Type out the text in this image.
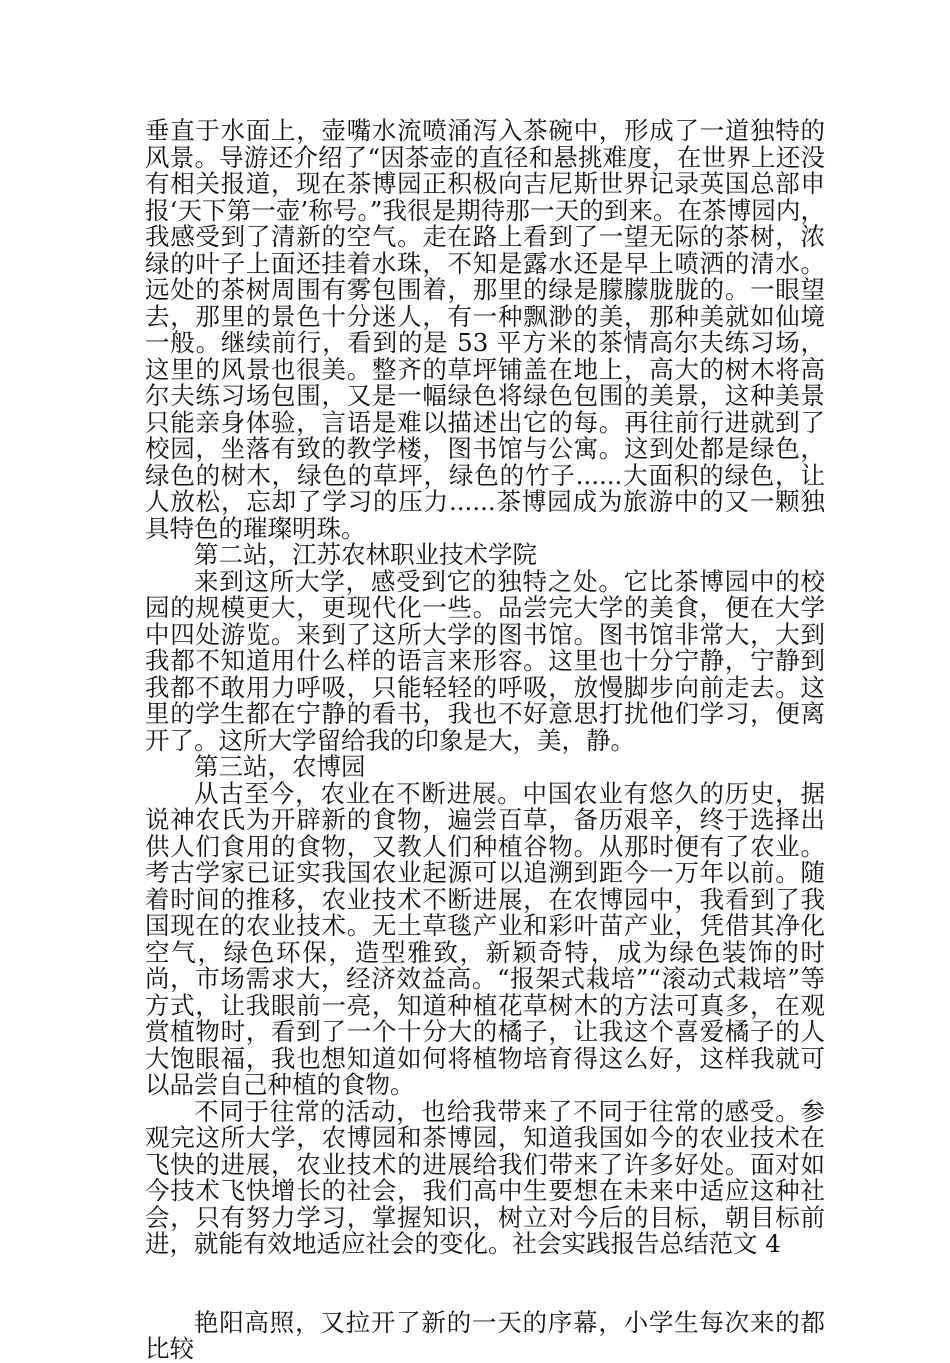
垂直于水面上，壶嘴水流喷涌泻入茶碗中，形成了一道独特的风景。导游还介绍了“因茶壶的直径和悬挑难度，在世界上还没有相关报道，现在茶博园正积极向吉尼斯世界记录英国总部申报‘天下第一壶’称号。”我很是期待那一天的到来。在茶博园内，我感受到了清新的空气。走在路上看到了一望无际的茶树，浓绿的叶子上面还挂着水珠，不知是露水还是早上喷洒的清水。远处的茶树周围有雾包围着，那里的绿是朦朦胧胧的。一眼望去，那里的景色十分迷人，有一种飘渺的美，那种美就如仙境一般。继续前行，看到的是 53 平方米的茶情高尔夫练习场，这里的风景也很美。整齐的草坪铺盖在地上，高大的树木将高尔夫练习场包围，又是一幅绿色将绿色包围的美景，这种美景只能亲身体验，言语是难以描述出它的每。再往前行进就到了校园，坐落有致的教学楼，图书馆与公寓。这到处都是绿色，绿色的树木，绿色的草坪，绿色的竹子......大面积的绿色，让人放松，忘却了学习的压力......茶博园成为旅游中的又一颗独具特色的璀璨明珠。

第二站，江苏农林职业技术学院

来到这所大学，感受到它的独特之处。它比茶博园中的校园的规模更大，更现代化一些。品尝完大学的美食，便在大学中四处游览。来到了这所大学的图书馆。图书馆非常大，大到我都不知道用什么样的语言来形容。这里也十分宁静，宁静到我都不敢用力呼吸，只能轻轻的呼吸，放慢脚步向前走去。这里的学生都在宁静的看书，我也不好意思打扰他们学习，便离开了。这所大学留给我的印象是大，美，静。

第三站，农博园

从古至今，农业在不断进展。中国农业有悠久的历史，据说神农氏为开辟新的食物，遍尝百草，备历艰辛，终于选择出供人们食用的食物，又教人们种植谷物。从那时便有了农业。考古学家已证实我国农业起源可以追溯到距今一万年以前。随着时间的推移，农业技术不断进展，在农博园中，我看到了我国现在的农业技术。无土草毯产业和彩叶苗产业，凭借其净化空气，绿色环保，造型雅致，新颖奇特，成为绿色装饰的时尚，市场需求大，经济效益高。“报架式栽培”“滚动式栽培”等方式，让我眼前一亮，知道种植花草树木的方法可真多，在观赏植物时，看到了一个十分大的橘子，让我这个喜爱橘子的人大饱眼福，我也想知道如何将植物培育得这么好，这样我就可以品尝自己种植的食物。

不同于往常的活动，也给我带来了不同于往常的感受。参观完这所大学，农博园和茶博园，知道我国如今的农业技术在飞快的进展，农业技术的进展给我们带来了许多好处。面对如今技术飞快增长的社会，我们高中生要想在未来中适应这种社会，只有努力学习，掌握知识，树立对今后的目标，朝目标前进，就能有效地适应社会的变化。社会实践报告总结范文 4

艳阳高照，又拉开了新的一天的序幕，小学生每次来的都比较
